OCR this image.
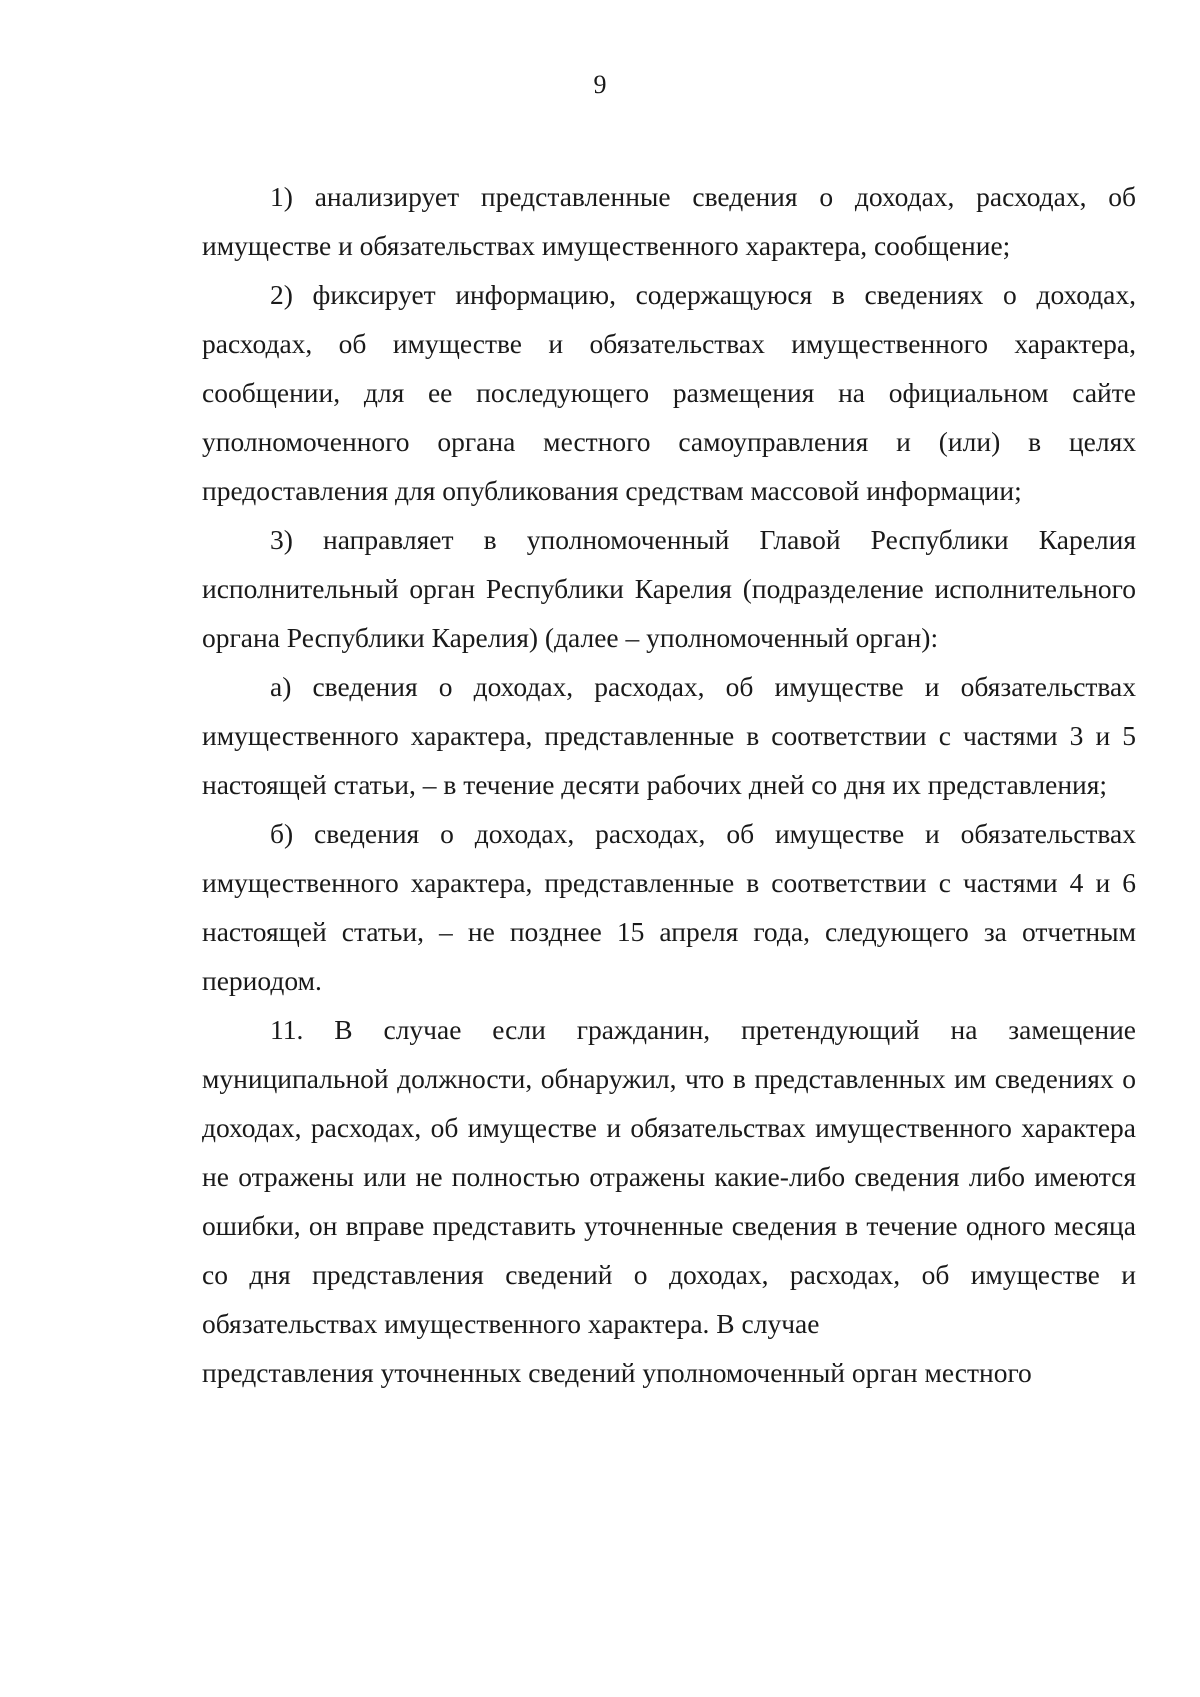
9

1) анализирует представленные сведения о доходах, расходах, об имуществе и обязательствах имущественного характера, сообщение;

2) фиксирует информацию, содержащуюся в сведениях о доходах, расходах, об имуществе и обязательствах имущественного характера, сообщении, для ее последующего размещения на официальном сайте уполномоченного органа местного самоуправления и (или) в целях предоставления для опубликования средствам массовой информации;

3) направляет в уполномоченный Главой Республики Карелия исполнительный орган Республики Карелия (подразделение исполнительного органа Республики Карелия) (далее – уполномоченный орган):

а) сведения о доходах, расходах, об имуществе и обязательствах имущественного характера, представленные в соответствии с частями 3 и 5 настоящей статьи, – в течение десяти рабочих дней со дня их представления;

б) сведения о доходах, расходах, об имуществе и обязательствах имущественного характера, представленные в соответствии с частями 4 и 6 настоящей статьи, – не позднее 15 апреля года, следующего за отчетным периодом.

11. В случае если гражданин, претендующий на замещение муниципальной должности, обнаружил, что в представленных им сведениях о доходах, расходах, об имуществе и обязательствах имущественного характера не отражены или не полностью отражены какие-либо сведения либо имеются ошибки, он вправе представить уточненные сведения в течение одного месяца со дня представления сведений о доходах, расходах, об имуществе и обязательствах имущественного характера. В случае

представления уточненных сведений уполномоченный орган местного
